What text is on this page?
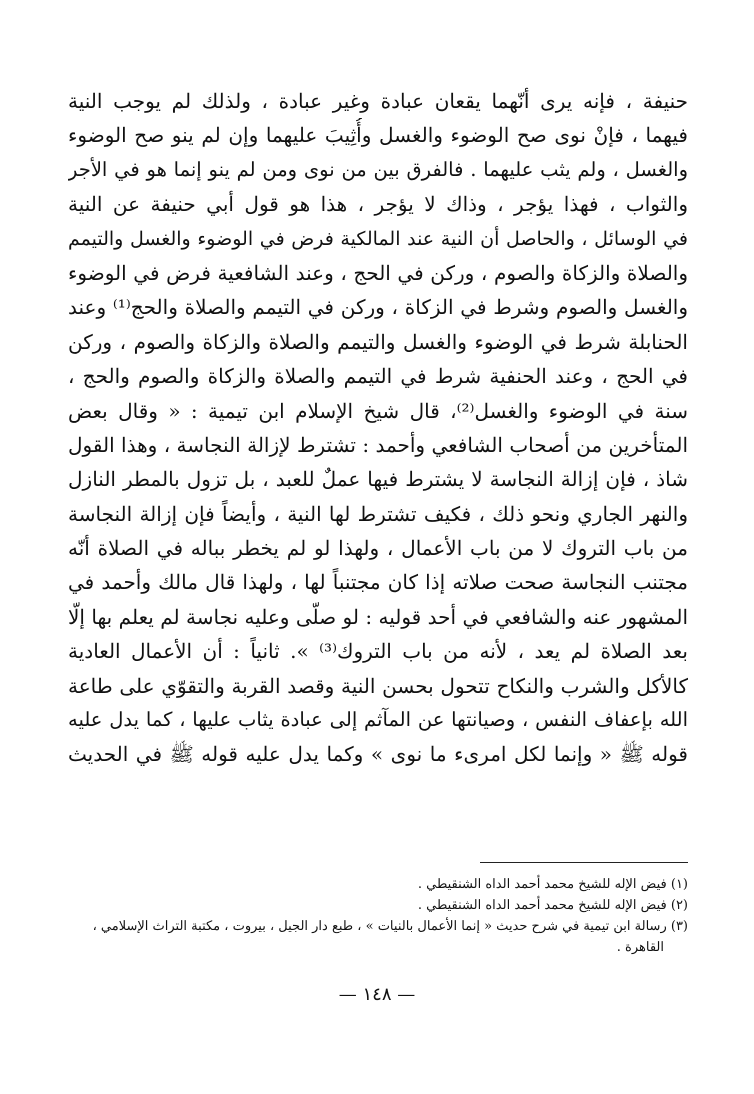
حنيفة ، فإنه يرى أنّهما يقعان عبادة وغير عبادة ، ولذلك لم يوجب النية
فيهما ، فإنْ نوى صح الوضوء والغسل وأُثِيبَ عليهما وإن لم ينو صح الوضوء
والغسل ، ولم يثب عليهما . فالفرق بين من نوى ومن لم ينو إنما هو في الأجر
والثواب ، فهذا يؤجر ، وذاك لا يؤجر ، هذا هو قول أبي حنيفة عن النية
في الوسائل ، والحاصل أن النية عند المالكية فرض في الوضوء والغسل والتيمم
والصلاة والزكاة والصوم ، وركن في الحج ، وعند الشافعية فرض في الوضوء
والغسل والصوم وشرط في الزكاة ، وركن في التيمم والصلاة والحج⁽¹⁾ وعند
الحنابلة شرط في الوضوء والغسل والتيمم والصلاة والزكاة والصوم ، وركن
في الحج ، وعند الحنفية شرط في التيمم والصلاة والزكاة والصوم والحج ،
سنة في الوضوء والغسل⁽²⁾، قال شيخ الإسلام ابن تيمية : « وقال بعض
المتأخرين من أصحاب الشافعي وأحمد : تشترط لإزالة النجاسة ، وهذا القول
شاذ ، فإن إزالة النجاسة لا يشترط فيها عملٌ للعبد ، بل تزول بالمطر النازل
والنهر الجاري ونحو ذلك ، فكيف تشترط لها النية ، وأيضاً فإن إزالة النجاسة
من باب التروك لا من باب الأعمال ، ولهذا لو لم يخطر بباله في الصلاة أنّه
مجتنب النجاسة صحت صلاته إذا كان مجتنباً لها ، ولهذا قال مالك وأحمد في
المشهور عنه والشافعي في أحد قوليه : لو صلّى وعليه نجاسة لم يعلم بها إلّا
بعد الصلاة لم يعد ، لأنه من باب التروك⁽³⁾ ». ثانياً : أن الأعمال العادية
كالأكل والشرب والنكاح تتحول بحسن النية وقصد القربة والتقوّي على طاعة
الله بإعفاف النفس ، وصيانتها عن المآثم إلى عبادة يثاب عليها ، كما يدل عليه
قوله ﷺ « وإنما لكل امرىء ما نوى » وكما يدل عليه قوله ﷺ في الحديث
(١) فيض الإله للشيخ محمد أحمد الداه الشنقيطي .
(٢) فيض الإله للشيخ محمد أحمد الداه الشنقيطي .
(٣) رسالة ابن تيمية في شرح حديث « إنما الأعمال بالنيات » ، طبع دار الجيل ، بيروت ، مكتبة التراث الإسلامي ،
القاهرة .
— ١٤٨ —
